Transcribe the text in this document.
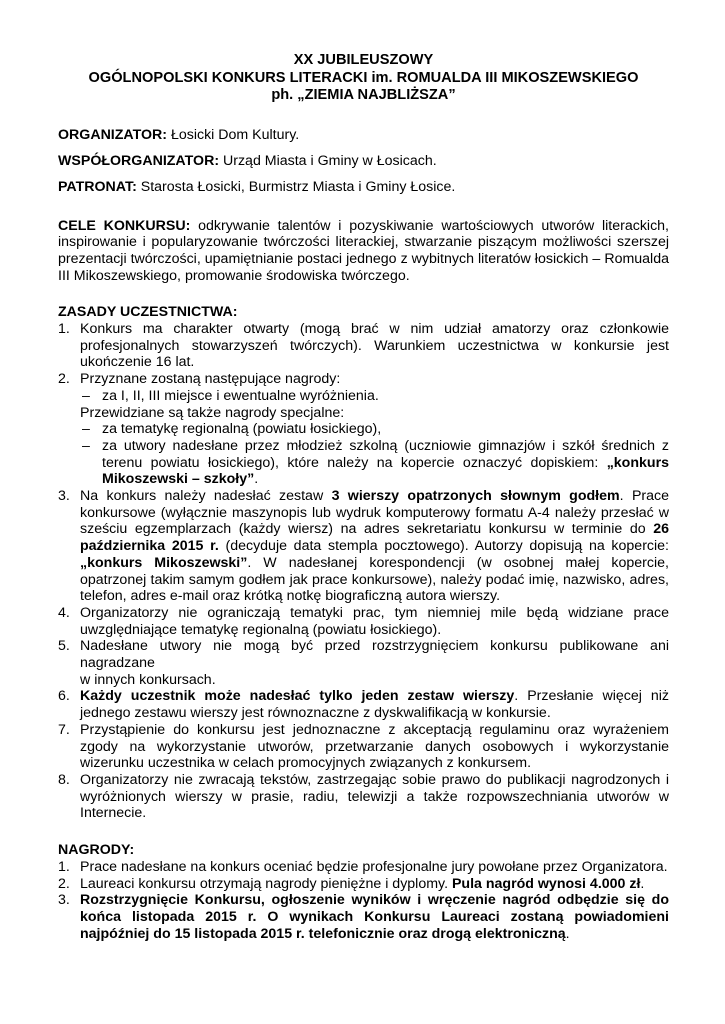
XX JUBILEUSZOWY
OGÓLNOPOLSKI KONKURS LITERACKI im. ROMUALDA III MIKOSZEWSKIEGO
ph. „ZIEMIA NAJBLIŻSZA”

ORGANIZATOR: Łosicki Dom Kultury.

WSPÓŁORGANIZATOR: Urząd Miasta i Gminy w Łosicach.

PATRONAT: Starosta Łosicki, Burmistrz Miasta i Gminy Łosice.

CELE KONKURSU: odkrywanie talentów i pozyskiwanie wartościowych utworów literackich, inspirowanie i popularyzowanie twórczości literackiej, stwarzanie piszącym możliwości szerszej prezentacji twórczości, upamiętnianie postaci jednego z wybitnych literatów łosickich – Romualda III Mikoszewskiego, promowanie środowiska twórczego.
ZASADY UCZESTNICTWA:
1. Konkurs ma charakter otwarty (mogą brać w nim udział amatorzy oraz członkowie profesjonalnych stowarzyszeń twórczych). Warunkiem uczestnictwa w konkursie jest ukończenie 16 lat.
2. Przyznane zostaną następujące nagrody:
– za I, II, III miejsce i ewentualne wyróżnienia.
Przewidziane są także nagrody specjalne:
– za tematykę regionalną (powiatu łosickiego),
– za utwory nadesłane przez młodzież szkolną (uczniowie gimnazjów i szkół średnich z terenu powiatu łosickiego), które należy na kopercie oznaczyć dopiskiem: „konkurs Mikoszewski – szkoły”.
3. Na konkurs należy nadesłać zestaw 3 wierszy opatrzonych słownym godłem. Prace konkursowe (wyłącznie maszynopis lub wydruk komputerowy formatu A-4 należy przesłać w sześciu egzemplarzach (każdy wiersz) na adres sekretariatu konkursu w terminie do 26 października 2015 r. (decyduje data stempla pocztowego). Autorzy dopisują na kopercie: „konkurs Mikoszewski”. W nadesłanej korespondencji (w osobnej małej kopercie, opatrzonej takim samym godłem jak prace konkursowe), należy podać imię, nazwisko, adres, telefon, adres e-mail oraz krótką notkę biograficzną autora wierszy.
4. Organizatorzy nie ograniczają tematyki prac, tym niemniej mile będą widziane prace uwzględniające tematykę regionalną (powiatu łosickiego).
5. Nadesłane utwory nie mogą być przed rozstrzygnięciem konkursu publikowane ani nagradzane
w innych konkursach.
6. Każdy uczestnik może nadesłać tylko jeden zestaw wierszy. Przesłanie więcej niż jednego zestawu wierszy jest równoznaczne z dyskwalifikacją w konkursie.
7. Przystąpienie do konkursu jest jednoznaczne z akceptacją regulaminu oraz wyrażeniem zgody na wykorzystanie utworów, przetwarzanie danych osobowych i wykorzystanie wizerunku uczestnika w celach promocyjnych związanych z konkursem.
8. Organizatorzy nie zwracają tekstów, zastrzegając sobie prawo do publikacji nagrodzonych i wyróżnionych wierszy w prasie, radiu, telewizji a także rozpowszechniania utworów w Internecie.
NAGRODY:
1. Prace nadesłane na konkurs oceniać będzie profesjonalne jury powołane przez Organizatora.
2. Laureaci konkursu otrzymają nagrody pieniężne i dyplomy. Pula nagród wynosi 4.000 zł.
3. Rozstrzygnięcie Konkursu, ogłoszenie wyników i wręczenie nagród odbędzie się do końca listopada 2015 r. O wynikach Konkursu Laureaci zostaną powiadomieni najpóźniej do 15 listopada 2015 r. telefonicznie oraz drogą elektroniczną.
